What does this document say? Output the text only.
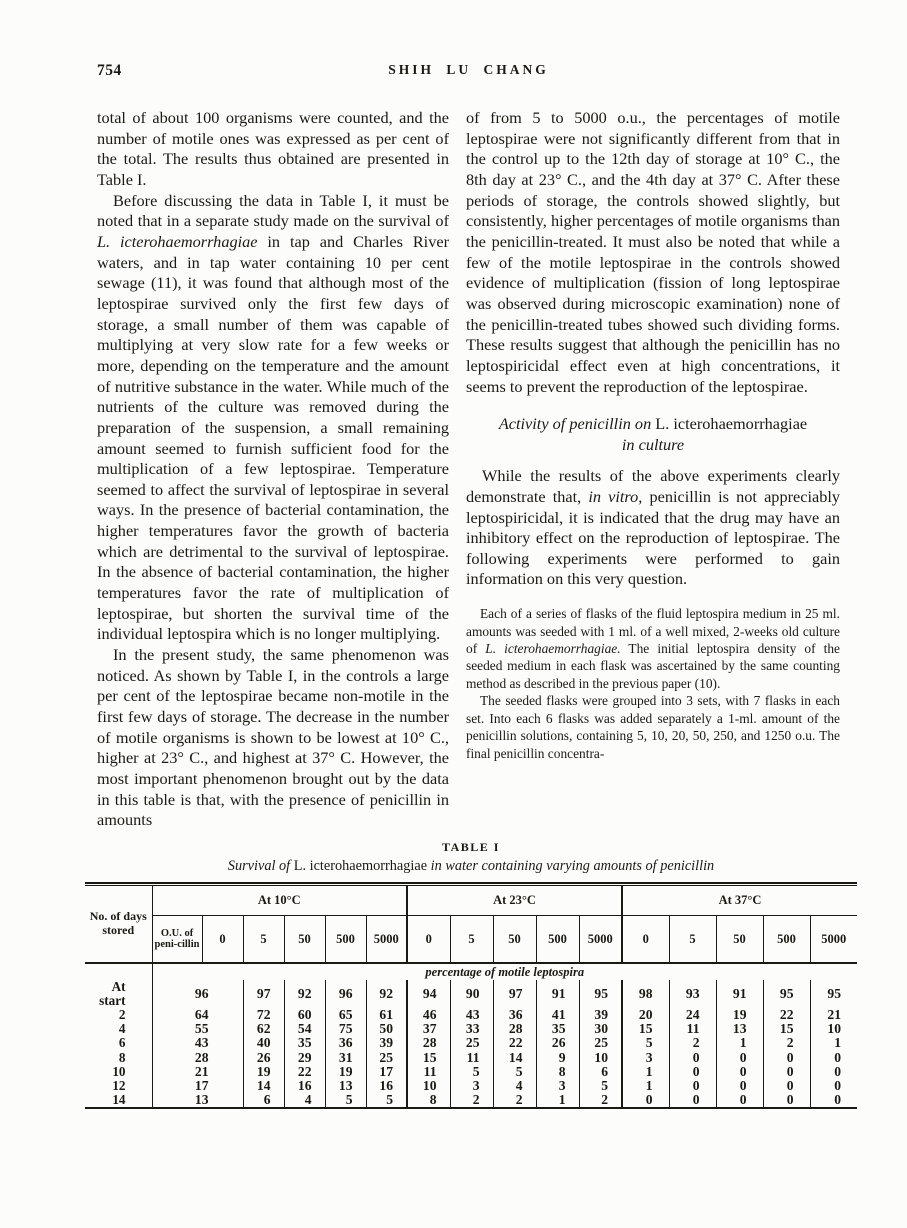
754	SHIH LU CHANG

total of about 100 organisms were counted, and the number of motile ones was expressed as per cent of the total. The results thus obtained are presented in Table I.

Before discussing the data in Table I, it must be noted that in a separate study made on the survival of L. icterohaemorrhagiae in tap and Charles River waters, and in tap water containing 10 per cent sewage (11), it was found that although most of the leptospirae survived only the first few days of storage, a small number of them was capable of multiplying at very slow rate for a few weeks or more, depending on the temperature and the amount of nutritive substance in the water. While much of the nutrients of the culture was removed during the preparation of the suspension, a small remaining amount seemed to furnish sufficient food for the multiplication of a few leptospirae. Temperature seemed to affect the survival of leptospirae in several ways. In the presence of bacterial contamination, the higher temperatures favor the growth of bacteria which are detrimental to the survival of leptospirae. In the absence of bacterial contamination, the higher temperatures favor the rate of multiplication of leptospirae, but shorten the survival time of the individual leptospira which is no longer multiplying.

In the present study, the same phenomenon was noticed. As shown by Table I, in the controls a large per cent of the leptospirae became non-motile in the first few days of storage. The decrease in the number of motile organisms is shown to be lowest at 10° C., higher at 23° C., and highest at 37° C. However, the most important phenomenon brought out by the data in this table is that, with the presence of penicillin in amounts

of from 5 to 5000 o.u., the percentages of motile leptospirae were not significantly different from that in the control up to the 12th day of storage at 10° C., the 8th day at 23° C., and the 4th day at 37° C. After these periods of storage, the controls showed slightly, but consistently, higher percentages of motile organisms than the penicillin-treated. It must also be noted that while a few of the motile leptospirae in the controls showed evidence of multiplication (fission of long leptospirae was observed during microscopic examination) none of the penicillin-treated tubes showed such dividing forms. These results suggest that although the penicillin has no leptospiricidal effect even at high concentrations, it seems to prevent the reproduction of the leptospirae.

Activity of penicillin on L. icterohaemorrhagiae
in culture

While the results of the above experiments clearly demonstrate that, in vitro, penicillin is not appreciably leptospiricidal, it is indicated that the drug may have an inhibitory effect on the reproduction of leptospirae. The following experiments were performed to gain information on this very question.

Each of a series of flasks of the fluid leptospira medium in 25 ml. amounts was seeded with 1 ml. of a well mixed, 2-weeks old culture of L. icterohaemorrhagiae. The initial leptospira density of the seeded medium in each flask was ascertained by the same counting method as described in the previous paper (10).

The seeded flasks were grouped into 3 sets, with 7 flasks in each set. Into each 6 flasks was added separately a 1-ml. amount of the penicillin solutions, containing 5, 10, 20, 50, 250, and 1250 o.u. The final penicillin concentra-

TABLE I
Survival of L. icterohaemorrhagiae in water containing varying amounts of penicillin
No. of days stored	At 10°C						At 23°C					At 37°C				
	O.U. of peni-cillin	0	5	50	500	5000	0	5	50	500	5000	0	5	50	500	5000
	percentage of motile leptospira															
At start	96		97	92	96	92	94	90	97	91	95	98	93	91	95	95
2	64		72	60	65	61	46	43	36	41	39	20	24	19	22	21
4	55		62	54	75	50	37	33	28	35	30	15	11	13	15	10
6	43		40	35	36	39	28	25	22	26	25	5	2	1	2	1
8	28		26	29	31	25	15	11	14	9	10	3	0	0	0	0
10	21		19	22	19	17	11	5	5	8	6	1	0	0	0	0
12	17		14	16	13	16	10	3	4	3	5	1	0	0	0	0
14	13		6	4	5	5	8	2	2	1	2	0	0	0	0	0
